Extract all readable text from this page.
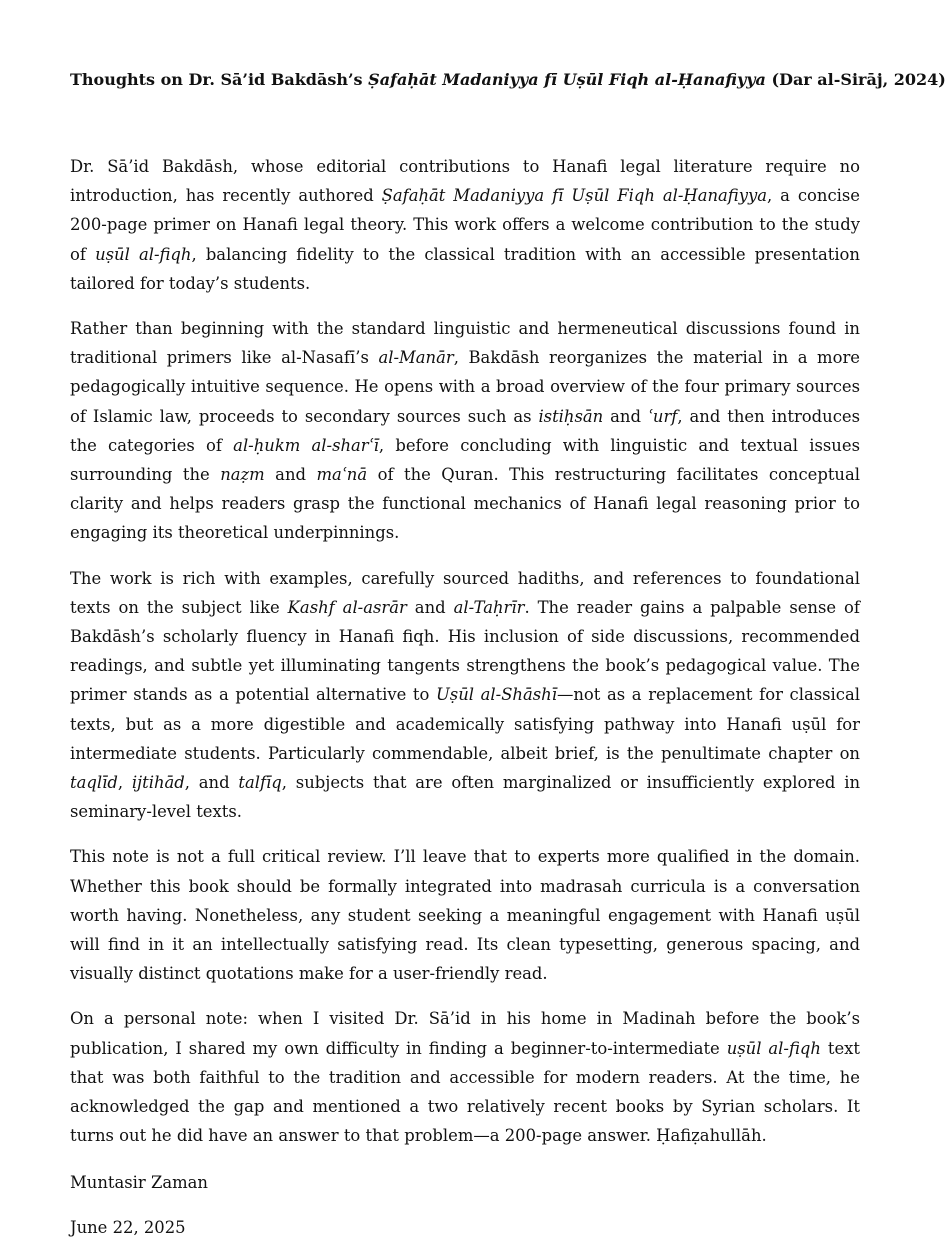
Thoughts on Dr. Sā’id Bakdāsh’s Ṣafaḥāt Madaniyya fī Uṣūl Fiqh al-Ḥanafiyya (Dar al-Sirāj, 2024)

Dr. Sā’id Bakdāsh, whose editorial contributions to Hanafi legal literature require no introduction, has recently authored Ṣafaḥāt Madaniyya fī Uṣūl Fiqh al-Ḥanafiyya, a concise 200-page primer on Hanafi legal theory. This work offers a welcome contribution to the study of uṣūl al-fiqh, balancing fidelity to the classical tradition with an accessible presentation tailored for today’s students.

Rather than beginning with the standard linguistic and hermeneutical discussions found in traditional primers like al-Nasafī’s al-Manār, Bakdāsh reorganizes the material in a more pedagogically intuitive sequence. He opens with a broad overview of the four primary sources of Islamic law, proceeds to secondary sources such as istiḥsān and ʿurf, and then introduces the categories of al-ḥukm al-sharʿī, before concluding with linguistic and textual issues surrounding the naẓm and maʿnā of the Quran. This restructuring facilitates conceptual clarity and helps readers grasp the functional mechanics of Hanafi legal reasoning prior to engaging its theoretical underpinnings.

The work is rich with examples, carefully sourced hadiths, and references to foundational texts on the subject like Kashf al-asrār and al-Taḥrīr. The reader gains a palpable sense of Bakdāsh’s scholarly fluency in Hanafi fiqh. His inclusion of side discussions, recommended readings, and subtle yet illuminating tangents strengthens the book’s pedagogical value. The primer stands as a potential alternative to Uṣūl al-Shāshī—not as a replacement for classical texts, but as a more digestible and academically satisfying pathway into Hanafi uṣūl for intermediate students. Particularly commendable, albeit brief, is the penultimate chapter on taqlīd, ijtihād, and talfīq, subjects that are often marginalized or insufficiently explored in seminary-level texts.

This note is not a full critical review. I’ll leave that to experts more qualified in the domain. Whether this book should be formally integrated into madrasah curricula is a conversation worth having. Nonetheless, any student seeking a meaningful engagement with Hanafi uṣūl will find in it an intellectually satisfying read. Its clean typesetting, generous spacing, and visually distinct quotations make for a user-friendly read.

On a personal note: when I visited Dr. Sā’id in his home in Madinah before the book’s publication, I shared my own difficulty in finding a beginner-to-intermediate uṣūl al-fiqh text that was both faithful to the tradition and accessible for modern readers. At the time, he acknowledged the gap and mentioned a two relatively recent books by Syrian scholars. It turns out he did have an answer to that problem—a 200-page answer. Ḥafiẓahullāh.

Muntasir Zaman

June 22, 2025
